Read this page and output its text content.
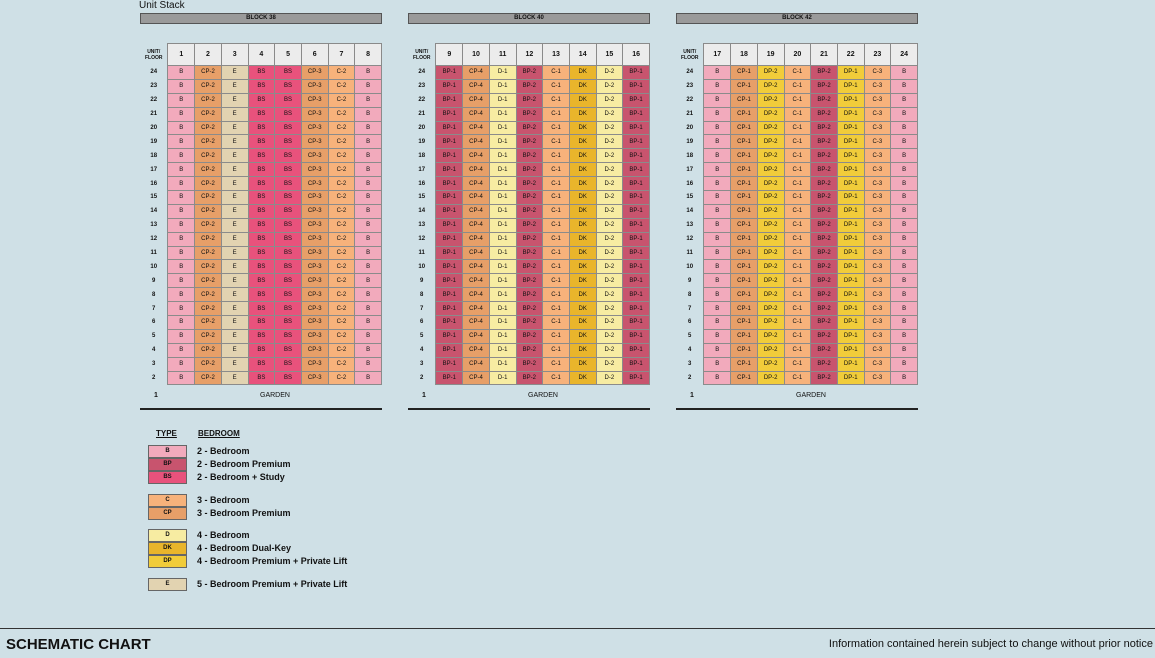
Unit Stack
BLOCK 38
UNIT/
FLOOR	1	2	3	4	5	6	7	8
24	B	CP-2	E	BS	BS	CP-3	C-2	B
23	B	CP-2	E	BS	BS	CP-3	C-2	B
22	B	CP-2	E	BS	BS	CP-3	C-2	B
21	B	CP-2	E	BS	BS	CP-3	C-2	B
20	B	CP-2	E	BS	BS	CP-3	C-2	B
19	B	CP-2	E	BS	BS	CP-3	C-2	B
18	B	CP-2	E	BS	BS	CP-3	C-2	B
17	B	CP-2	E	BS	BS	CP-3	C-2	B
16	B	CP-2	E	BS	BS	CP-3	C-2	B
15	B	CP-2	E	BS	BS	CP-3	C-2	B
14	B	CP-2	E	BS	BS	CP-3	C-2	B
13	B	CP-2	E	BS	BS	CP-3	C-2	B
12	B	CP-2	E	BS	BS	CP-3	C-2	B
11	B	CP-2	E	BS	BS	CP-3	C-2	B
10	B	CP-2	E	BS	BS	CP-3	C-2	B
9	B	CP-2	E	BS	BS	CP-3	C-2	B
8	B	CP-2	E	BS	BS	CP-3	C-2	B
7	B	CP-2	E	BS	BS	CP-3	C-2	B
6	B	CP-2	E	BS	BS	CP-3	C-2	B
5	B	CP-2	E	BS	BS	CP-3	C-2	B
4	B	CP-2	E	BS	BS	CP-3	C-2	B
3	B	CP-2	E	BS	BS	CP-3	C-2	B
2	B	CP-2	E	BS	BS	CP-3	C-2	B
1	GARDEN
BLOCK 40
UNIT/
FLOOR	9	10	11	12	13	14	15	16
24	BP-1	CP-4	D-1	BP-2	C-1	DK	D-2	BP-1
23	BP-1	CP-4	D-1	BP-2	C-1	DK	D-2	BP-1
22	BP-1	CP-4	D-1	BP-2	C-1	DK	D-2	BP-1
21	BP-1	CP-4	D-1	BP-2	C-1	DK	D-2	BP-1
20	BP-1	CP-4	D-1	BP-2	C-1	DK	D-2	BP-1
19	BP-1	CP-4	D-1	BP-2	C-1	DK	D-2	BP-1
18	BP-1	CP-4	D-1	BP-2	C-1	DK	D-2	BP-1
17	BP-1	CP-4	D-1	BP-2	C-1	DK	D-2	BP-1
16	BP-1	CP-4	D-1	BP-2	C-1	DK	D-2	BP-1
15	BP-1	CP-4	D-1	BP-2	C-1	DK	D-2	BP-1
14	BP-1	CP-4	D-1	BP-2	C-1	DK	D-2	BP-1
13	BP-1	CP-4	D-1	BP-2	C-1	DK	D-2	BP-1
12	BP-1	CP-4	D-1	BP-2	C-1	DK	D-2	BP-1
11	BP-1	CP-4	D-1	BP-2	C-1	DK	D-2	BP-1
10	BP-1	CP-4	D-1	BP-2	C-1	DK	D-2	BP-1
9	BP-1	CP-4	D-1	BP-2	C-1	DK	D-2	BP-1
8	BP-1	CP-4	D-1	BP-2	C-1	DK	D-2	BP-1
7	BP-1	CP-4	D-1	BP-2	C-1	DK	D-2	BP-1
6	BP-1	CP-4	D-1	BP-2	C-1	DK	D-2	BP-1
5	BP-1	CP-4	D-1	BP-2	C-1	DK	D-2	BP-1
4	BP-1	CP-4	D-1	BP-2	C-1	DK	D-2	BP-1
3	BP-1	CP-4	D-1	BP-2	C-1	DK	D-2	BP-1
2	BP-1	CP-4	D-1	BP-2	C-1	DK	D-2	BP-1
1	GARDEN
BLOCK 42
UNIT/
FLOOR	17	18	19	20	21	22	23	24
24	B	CP-1	DP-2	C-1	BP-2	DP-1	C-3	B
23	B	CP-1	DP-2	C-1	BP-2	DP-1	C-3	B
22	B	CP-1	DP-2	C-1	BP-2	DP-1	C-3	B
21	B	CP-1	DP-2	C-1	BP-2	DP-1	C-3	B
20	B	CP-1	DP-2	C-1	BP-2	DP-1	C-3	B
19	B	CP-1	DP-2	C-1	BP-2	DP-1	C-3	B
18	B	CP-1	DP-2	C-1	BP-2	DP-1	C-3	B
17	B	CP-1	DP-2	C-1	BP-2	DP-1	C-3	B
16	B	CP-1	DP-2	C-1	BP-2	DP-1	C-3	B
15	B	CP-1	DP-2	C-1	BP-2	DP-1	C-3	B
14	B	CP-1	DP-2	C-1	BP-2	DP-1	C-3	B
13	B	CP-1	DP-2	C-1	BP-2	DP-1	C-3	B
12	B	CP-1	DP-2	C-1	BP-2	DP-1	C-3	B
11	B	CP-1	DP-2	C-1	BP-2	DP-1	C-3	B
10	B	CP-1	DP-2	C-1	BP-2	DP-1	C-3	B
9	B	CP-1	DP-2	C-1	BP-2	DP-1	C-3	B
8	B	CP-1	DP-2	C-1	BP-2	DP-1	C-3	B
7	B	CP-1	DP-2	C-1	BP-2	DP-1	C-3	B
6	B	CP-1	DP-2	C-1	BP-2	DP-1	C-3	B
5	B	CP-1	DP-2	C-1	BP-2	DP-1	C-3	B
4	B	CP-1	DP-2	C-1	BP-2	DP-1	C-3	B
3	B	CP-1	DP-2	C-1	BP-2	DP-1	C-3	B
2	B	CP-1	DP-2	C-1	BP-2	DP-1	C-3	B
1	GARDEN
TYPE	BEDROOM
B	2 - Bedroom
BP	2 - Bedroom Premium
BS	2 - Bedroom + Study
C	3 - Bedroom
CP	3 - Bedroom Premium
D	4 - Bedroom
DK	4 - Bedroom Dual-Key
DP	4 - Bedroom Premium + Private Lift
E	5 - Bedroom Premium + Private Lift
SCHEMATIC CHART	Information contained herein subject to change without prior notice
